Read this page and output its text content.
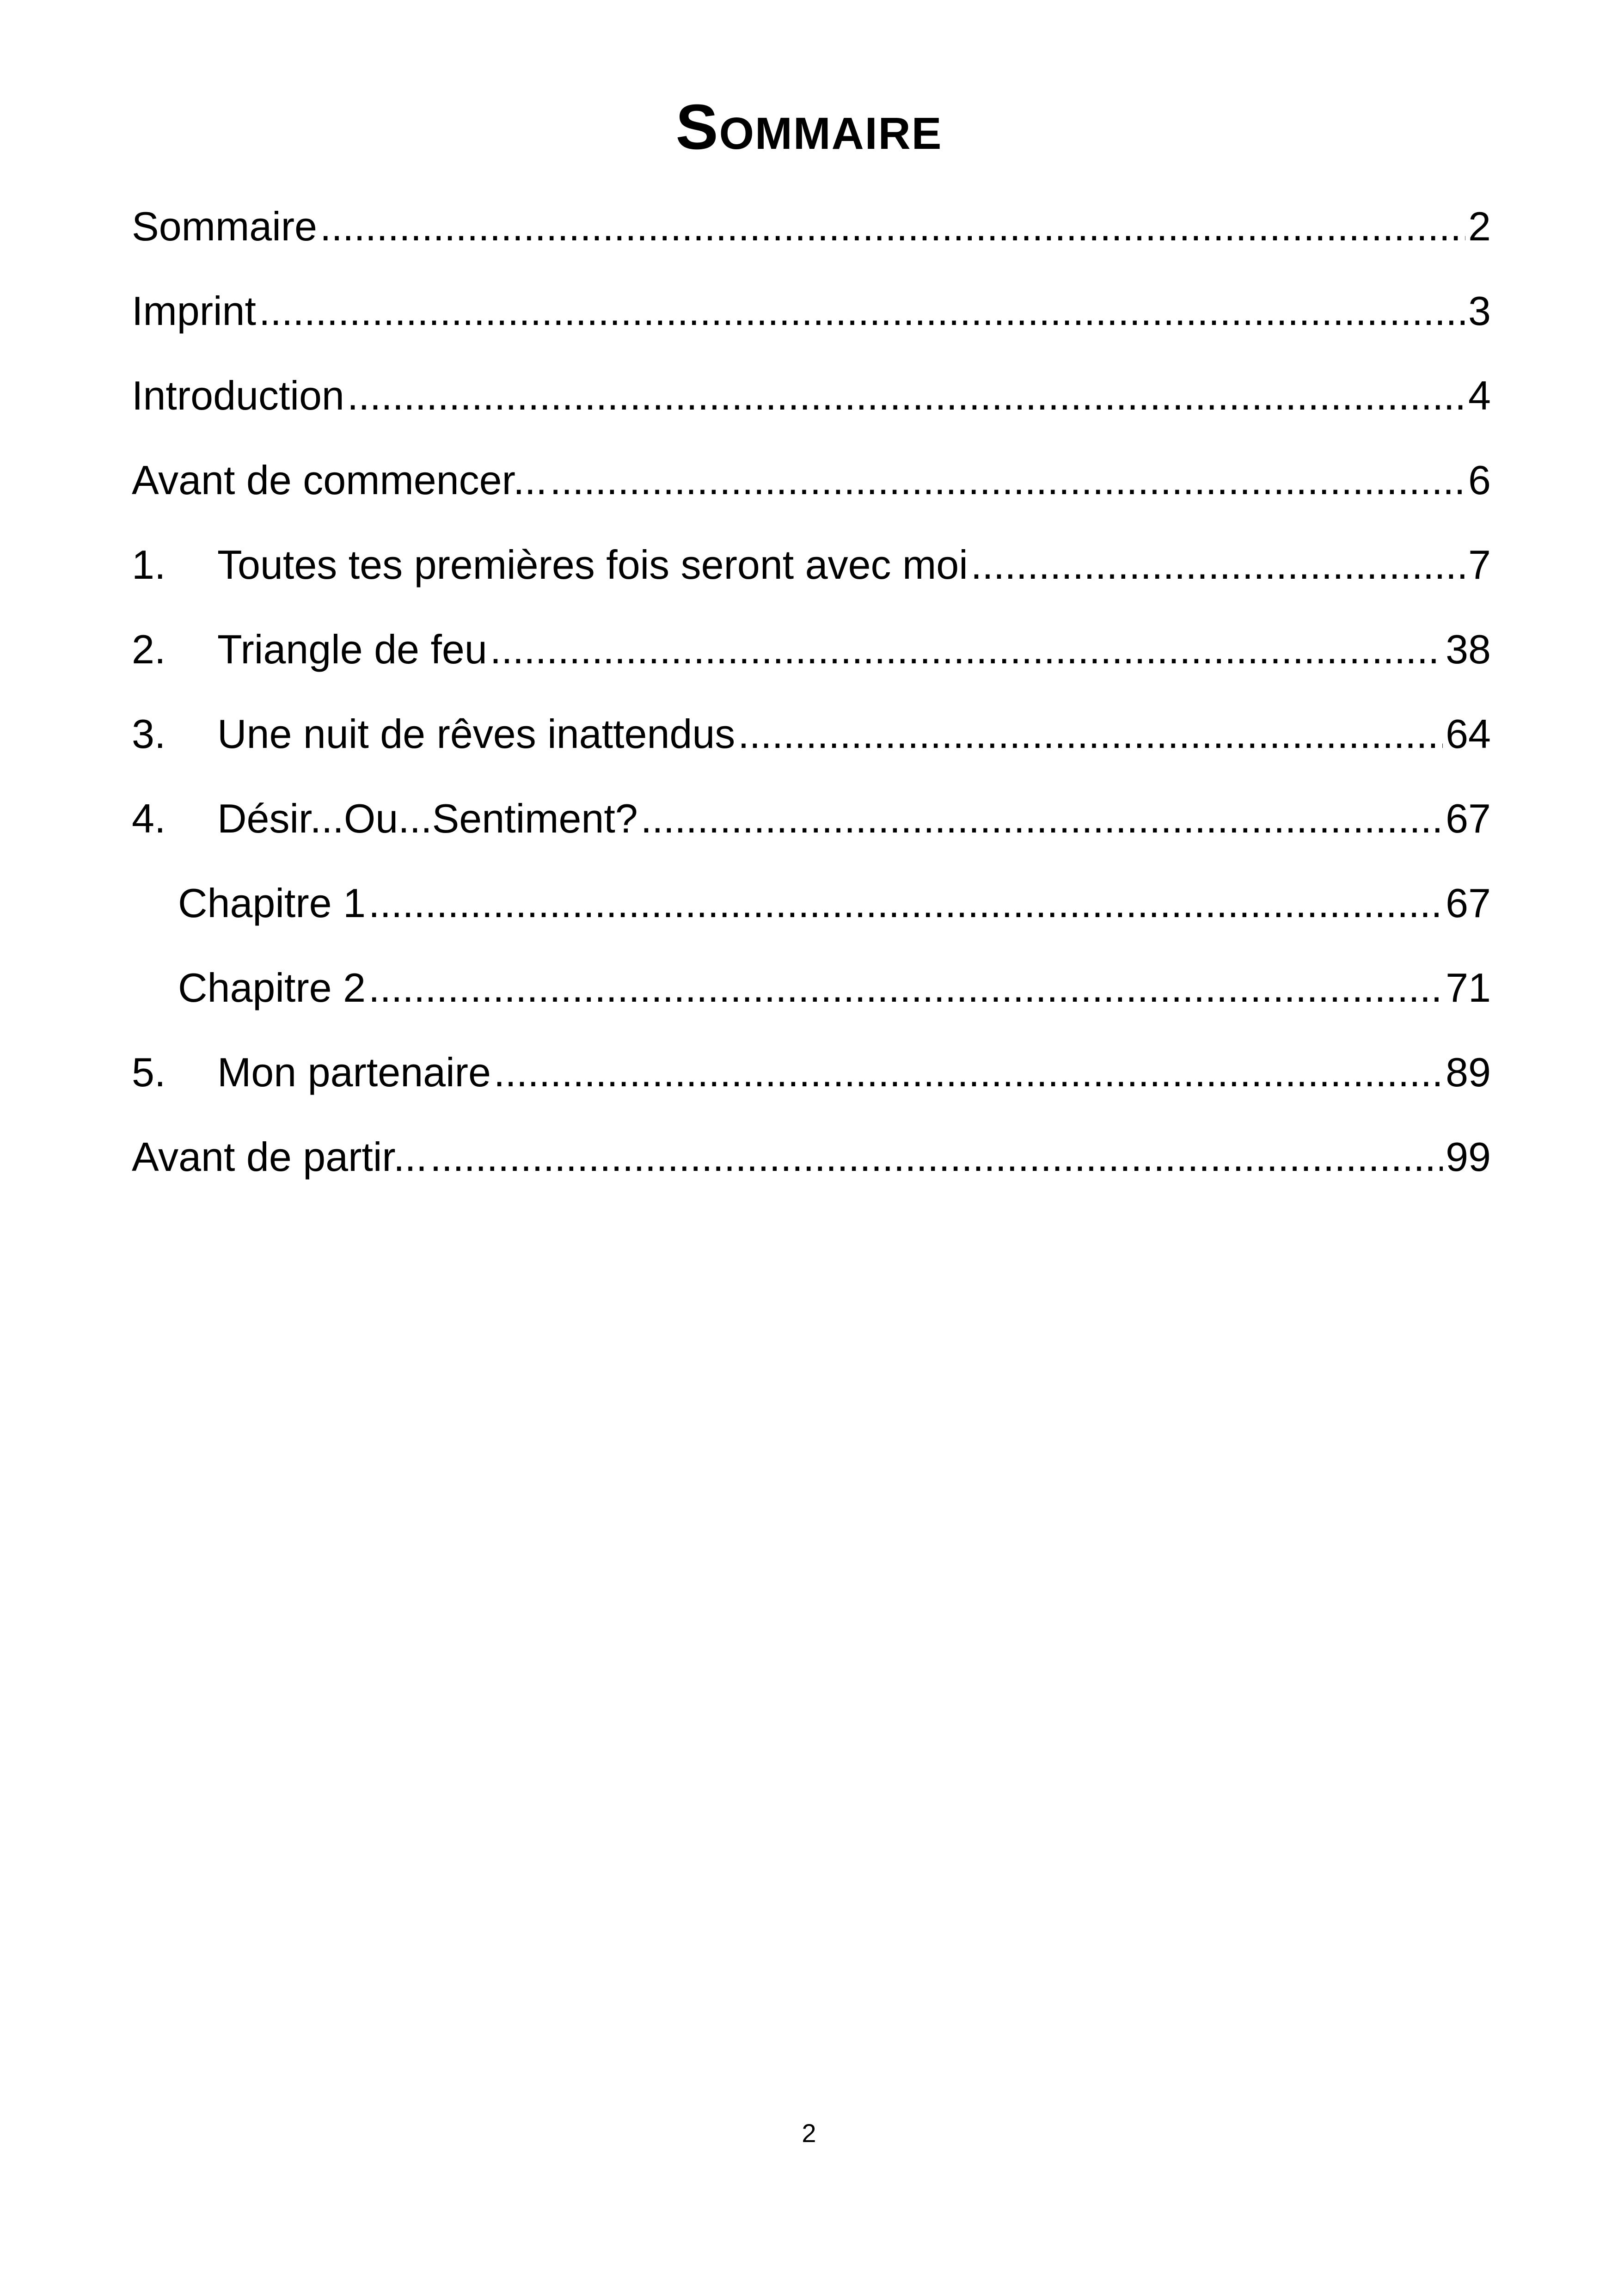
Sommaire
Sommaire .....	2
Imprint .....	3
Introduction .....	4
Avant de commencer... .....	6
1.	Toutes tes premières fois seront avec moi .....	7
2.	Triangle de feu .....	38
3.	Une nuit de rêves inattendus .....	64
4.	Désir...Ou...Sentiment? .....	67
Chapitre 1 .....	67
Chapitre 2 .....	71
5.	Mon partenaire .....	89
Avant de partir... .....	99
2
